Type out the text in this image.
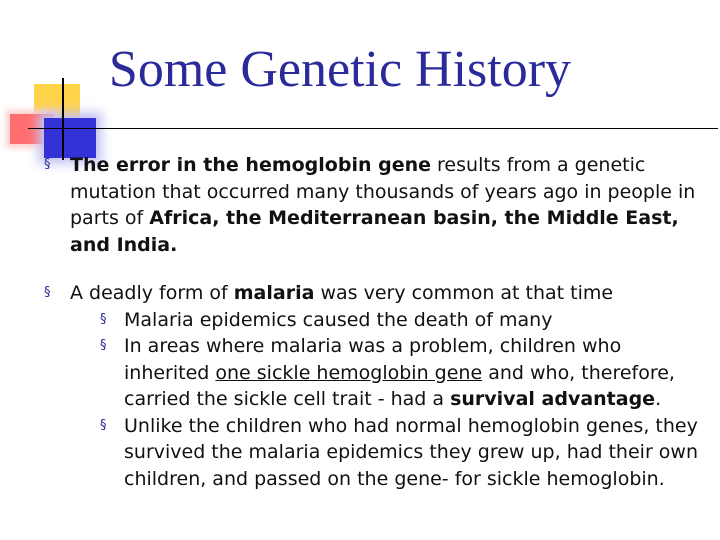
Some Genetic History
§ The error in the hemoglobin gene results from a genetic mutation that occurred many thousands of years ago in people in parts of Africa, the Mediterranean basin, the Middle East, and India.
§ A deadly form of malaria was very common at that time
§ Malaria epidemics caused the death of many
§ In areas where malaria was a problem, children who inherited one sickle hemoglobin gene and who, therefore, carried the sickle cell trait - had a survival advantage.
§ Unlike the children who had normal hemoglobin genes, they survived the malaria epidemics they grew up, had their own children, and passed on the gene- for sickle hemoglobin.
